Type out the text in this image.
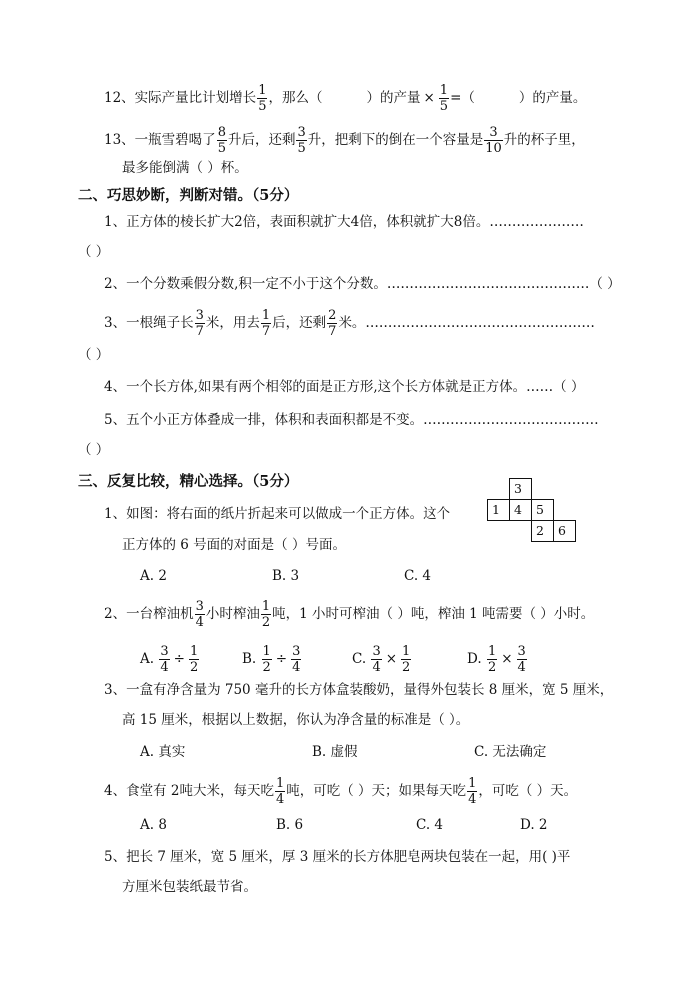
12、实际产量比计划增长 $\frac{1}{5}$ ，那么（	）的产量 × $\frac{1}{5}$ =（	）的产量。
13、一瓶雪碧喝了 $\frac{8}{5}$ 升后，还剩 $\frac{3}{5}$ 升，把剩下的倒在一个容量是 $\frac{3}{10}$ 升的杯子里，
最多能倒满（ ）杯。
二、巧思妙断，判断对错。（5分）
1、正方体的棱长扩大2倍，表面积就扩大4倍，体积就扩大8倍。…………………
（ ）
2、一个分数乘假分数,积一定不小于这个分数。………………………………………（ ）
3、一根绳子长 $\frac{3}{7}$ 米，用去 $\frac{1}{7}$ 后，还剩 $\frac{2}{7}$ 米。……………………………………………
（ ）
4、一个长方体,如果有两个相邻的面是正方形,这个长方体就是正方体。……（ ）
5、五个小正方体叠成一排，体积和表面积都是不变。…………………………………
（ ）
三、反复比较，精心选择。（5分）
1、如图：将右面的纸片折起来可以做成一个正方体。这个
正方体的 6 号面的对面是（ ）号面。
3
1	4	5
2	6
A. 2	B. 3	C. 4
2、一台榨油机 $\frac{3}{4}$ 小时榨油 $\frac{1}{2}$ 吨，1 小时可榨油（ ）吨，榨油 1 吨需要（ ）小时。
A. $\frac{3}{4} \div \frac{1}{2}$	B. $\frac{1}{2} \div \frac{3}{4}$	C. $\frac{3}{4} \times \frac{1}{2}$	D. $\frac{1}{2} \times \frac{3}{4}$
3、一盒有净含量为 750 毫升的长方体盒装酸奶，量得外包装长 8 厘米，宽 5 厘米，
高 15 厘米，根据以上数据，你认为净含量的标准是（ ）。
A. 真实	B. 虚假	C. 无法确定
4、食堂有 2吨大米，每天吃 $\frac{1}{4}$ 吨，可吃（ ）天；如果每天吃 $\frac{1}{4}$ ，可吃（ ）天。
A. 8	B. 6	C. 4	D. 2
5、把长 7 厘米，宽 5 厘米，厚 3 厘米的长方体肥皂两块包装在一起，用( )平
方厘米包装纸最节省。
